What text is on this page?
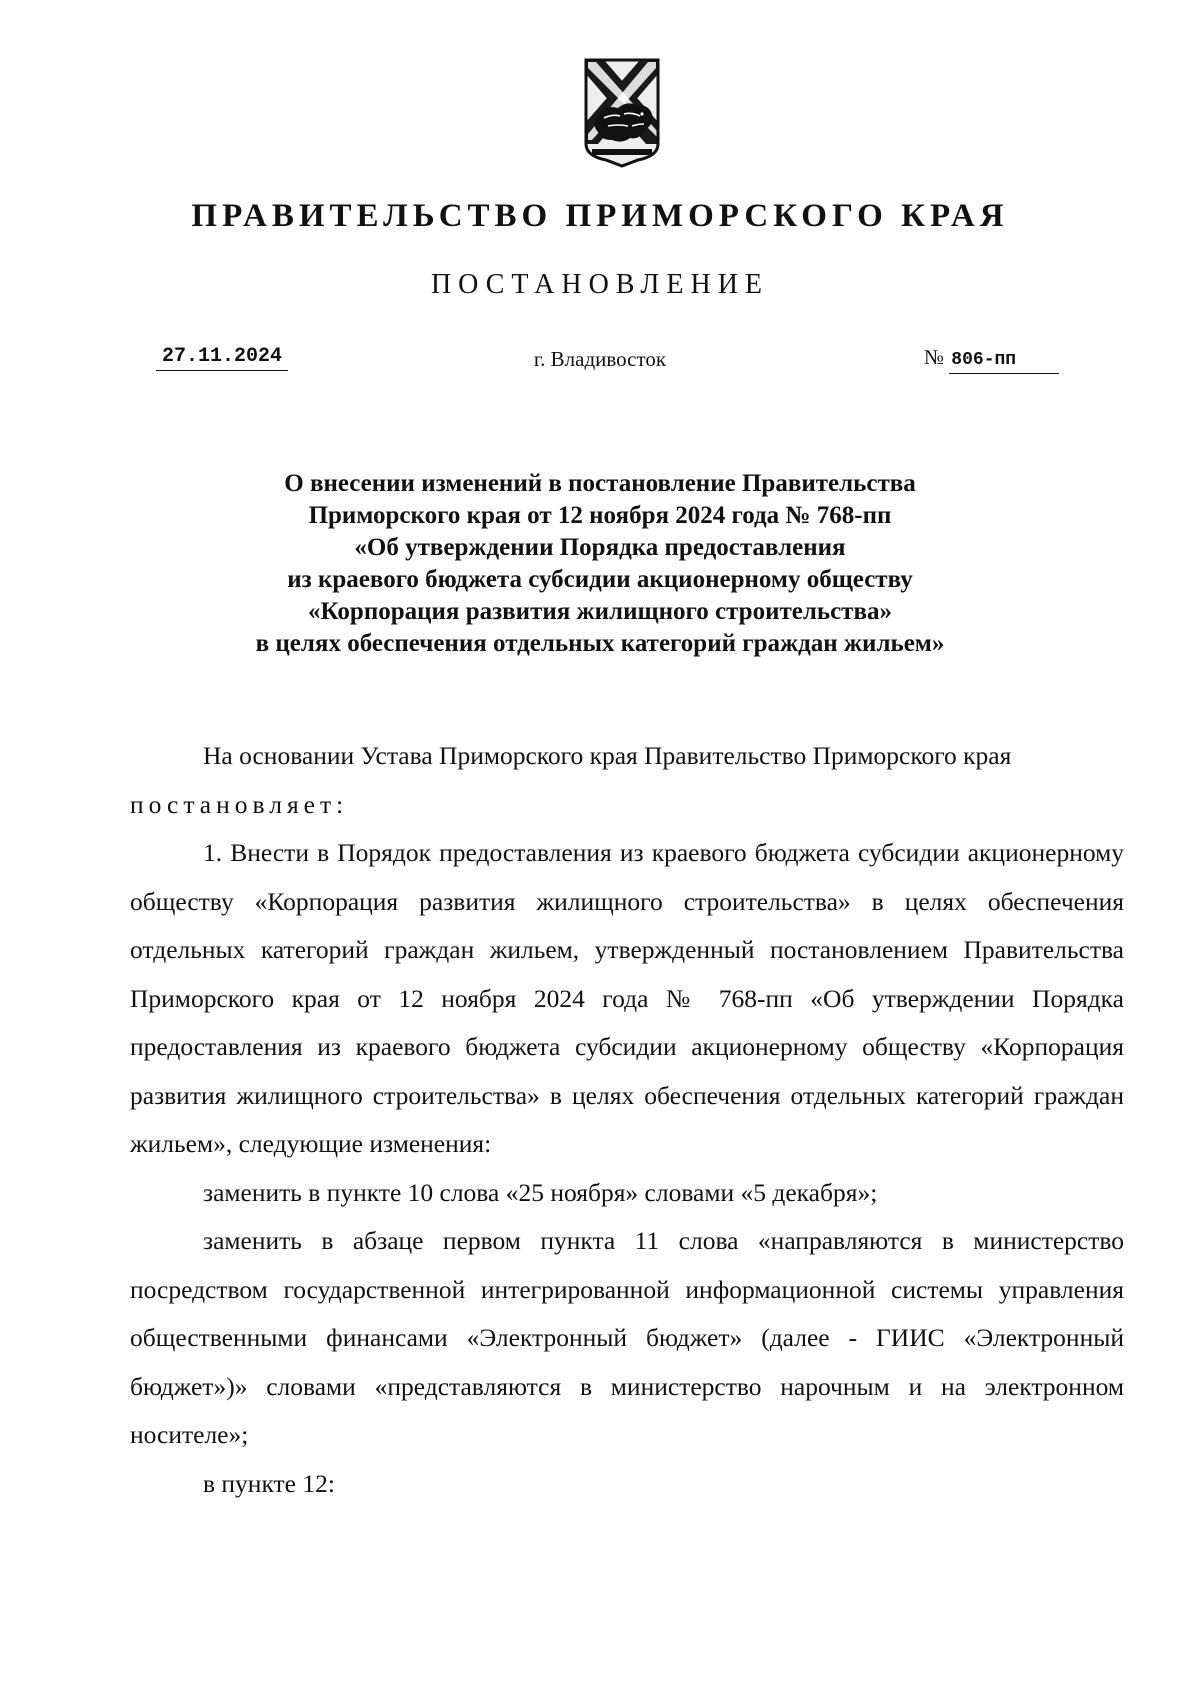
ПРАВИТЕЛЬСТВО ПРИМОРСКОГО КРАЯ
ПОСТАНОВЛЕНИЕ
27.11.2024	г. Владивосток	№ 806-пп
О внесении изменений в постановление Правительства
Приморского края от 12 ноября 2024 года № 768-пп
«Об утверждении Порядка предоставления
из краевого бюджета субсидии акционерному обществу
«Корпорация развития жилищного строительства»
в целях обеспечения отдельных категорий граждан жильем»

На основании Устава Приморского края Правительство Приморского края

постановляет:

1. Внести в Порядок предоставления из краевого бюджета субсидии акционерному обществу «Корпорация развития жилищного строительства» в целях обеспечения отдельных категорий граждан жильем, утвержденный постановлением Правительства Приморского края от 12 ноября 2024 года № 768-пп «Об утверждении Порядка предоставления из краевого бюджета субсидии акционерному обществу «Корпорация развития жилищного строительства» в целях обеспечения отдельных категорий граждан жильем», следующие изменения:

заменить в пункте 10 слова «25 ноября» словами «5 декабря»;

заменить в абзаце первом пункта 11 слова «направляются в министерство посредством государственной интегрированной информационной системы управления общественными финансами «Электронный бюджет» (далее - ГИИС «Электронный бюджет»)» словами «представляются в министерство нарочным и на электронном носителе»;

в пункте 12:
